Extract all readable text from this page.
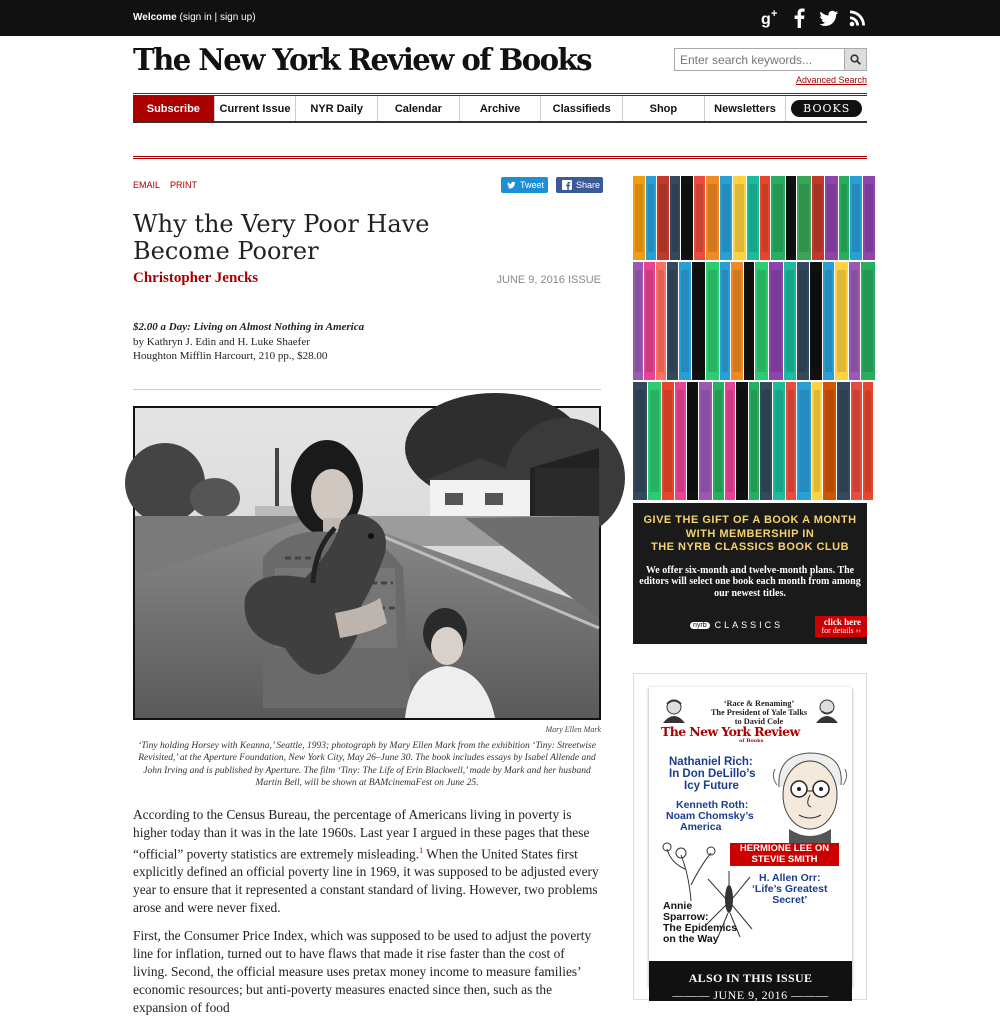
Welcome (sign in | sign up)	g +
The New York Review of Books
Enter search keywords...
Advanced Search
Subscribe	Current Issue	NYR Daily	Calendar	Archive	Classifieds	Shop	Newsletters	BOOKS
EMAIL PRINT	Tweet	Share
Why the Very Poor Have Become Poorer
Christopher Jencks	JUNE 9, 2016 ISSUE
$2.00 a Day: Living on Almost Nothing in America
by Kathryn J. Edin and H. Luke Shaefer
Houghton Mifflin Harcourt, 210 pp., $28.00
Mary Ellen Mark
‘Tiny holding Horsey with Keanna,’ Seattle, 1993; photograph by Mary Ellen Mark from the exhibition ‘Tiny: Streetwise Revisited,’ at the Aperture Foundation, New York City, May 26–June 30. The book includes essays by Isabel Allende and John Irving and is published by Aperture. The film ‘Tiny: The Life of Erin Blackwell,’ made by Mark and her husband Martin Bell, will be shown at BAMcinemaFest on June 25.

According to the Census Bureau, the percentage of Americans living in poverty is higher today than it was in the late 1960s. Last year I argued in these pages that these “official” poverty statistics are extremely misleading.$^1$ When the United States first explicitly defined an official poverty line in 1969, it was supposed to be adjusted every year to ensure that it represented a constant standard of living. However, two problems arose and were never fixed.

First, the Consumer Price Index, which was supposed to be used to adjust the poverty line for inflation, turned out to have flaws that made it rise faster than the cost of living. Second, the official measure uses pretax money income to measure families’ economic resources; but anti-poverty measures enacted since then, such as the expansion of food

GIVE THE GIFT OF A BOOK A MONTH
WITH MEMBERSHIP IN
THE NYRB CLASSICS BOOK CLUB
We offer six-month and twelve-month plans. The editors will select one book each month from among our newest titles.
nyrb CLASSICS	click here
for details ››
‘Race & Renaming’
The President of Yale Talks
to David Cole
The New York Review
of Books
Nathaniel Rich:
In Don DeLillo’s
Icy Future
Kenneth Roth:
Noam Chomsky’s
America
HERMIONE LEE ON
STEVIE SMITH
H. Allen Orr:
‘Life’s Greatest
Secret’
Annie
Sparrow:
The Epidemics
on the Way
ALSO IN THIS ISSUE
——— JUNE 9, 2016 ———
